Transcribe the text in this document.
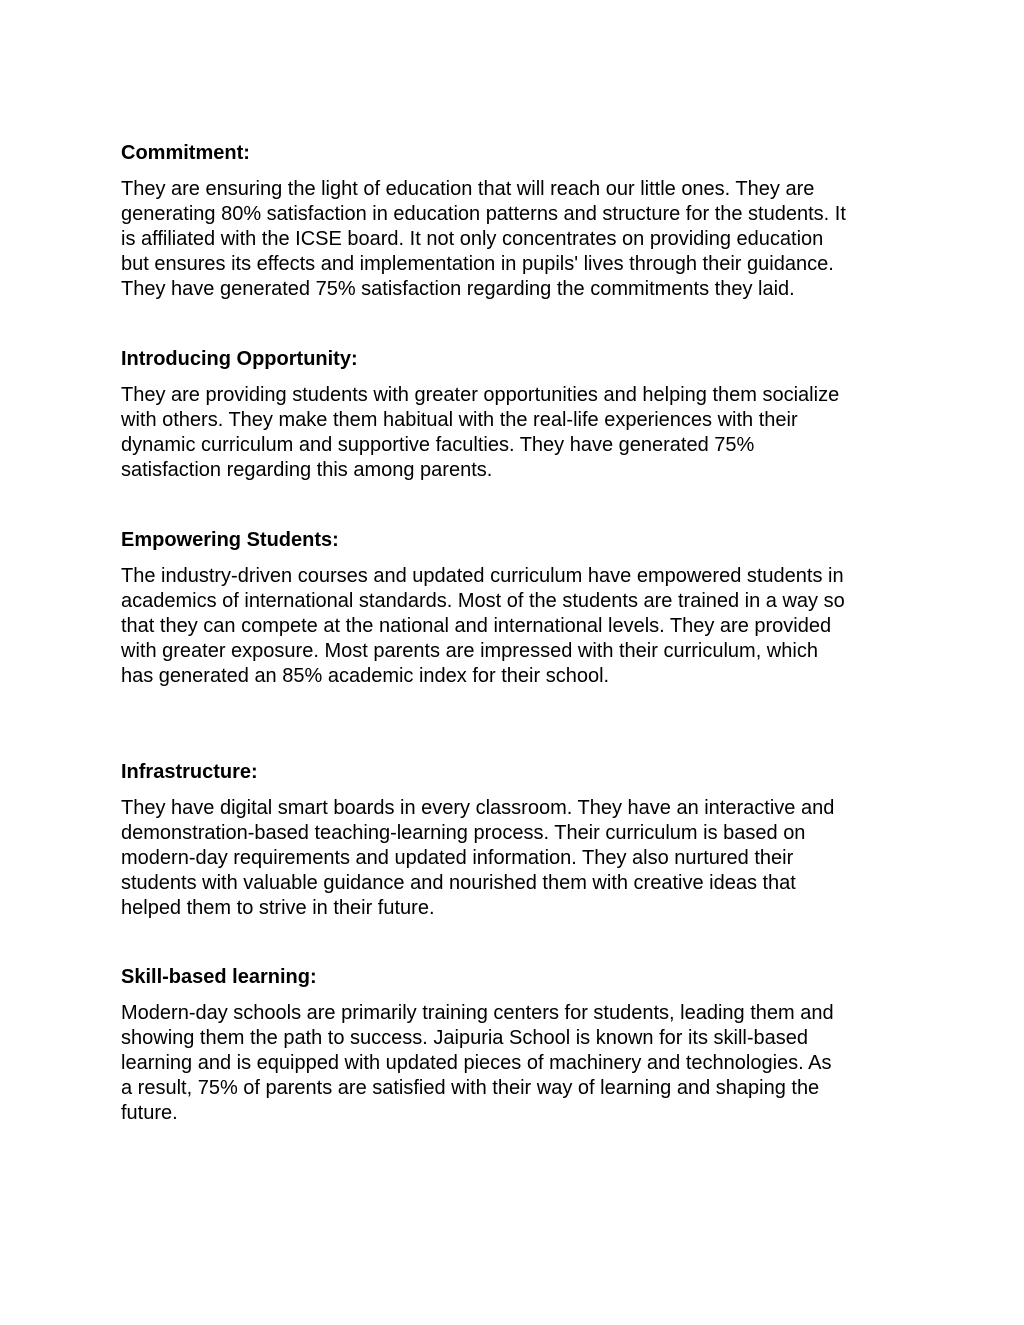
Commitment:

They are ensuring the light of education that will reach our little ones. They are
generating 80% satisfaction in education patterns and structure for the students. It
is affiliated with the ICSE board. It not only concentrates on providing education
but ensures its effects and implementation in pupils' lives through their guidance.
They have generated 75% satisfaction regarding the commitments they laid.

Introducing Opportunity:

They are providing students with greater opportunities and helping them socialize
with others. They make them habitual with the real-life experiences with their
dynamic curriculum and supportive faculties. They have generated 75%
satisfaction regarding this among parents.

Empowering Students:

The industry-driven courses and updated curriculum have empowered students in
academics of international standards. Most of the students are trained in a way so
that they can compete at the national and international levels. They are provided
with greater exposure. Most parents are impressed with their curriculum, which
has generated an 85% academic index for their school.

Infrastructure:

They have digital smart boards in every classroom. They have an interactive and
demonstration-based teaching-learning process. Their curriculum is based on
modern-day requirements and updated information. They also nurtured their
students with valuable guidance and nourished them with creative ideas that
helped them to strive in their future.

Skill-based learning:

Modern-day schools are primarily training centers for students, leading them and
showing them the path to success. Jaipuria School is known for its skill-based
learning and is equipped with updated pieces of machinery and technologies. As
a result, 75% of parents are satisfied with their way of learning and shaping the
future.
